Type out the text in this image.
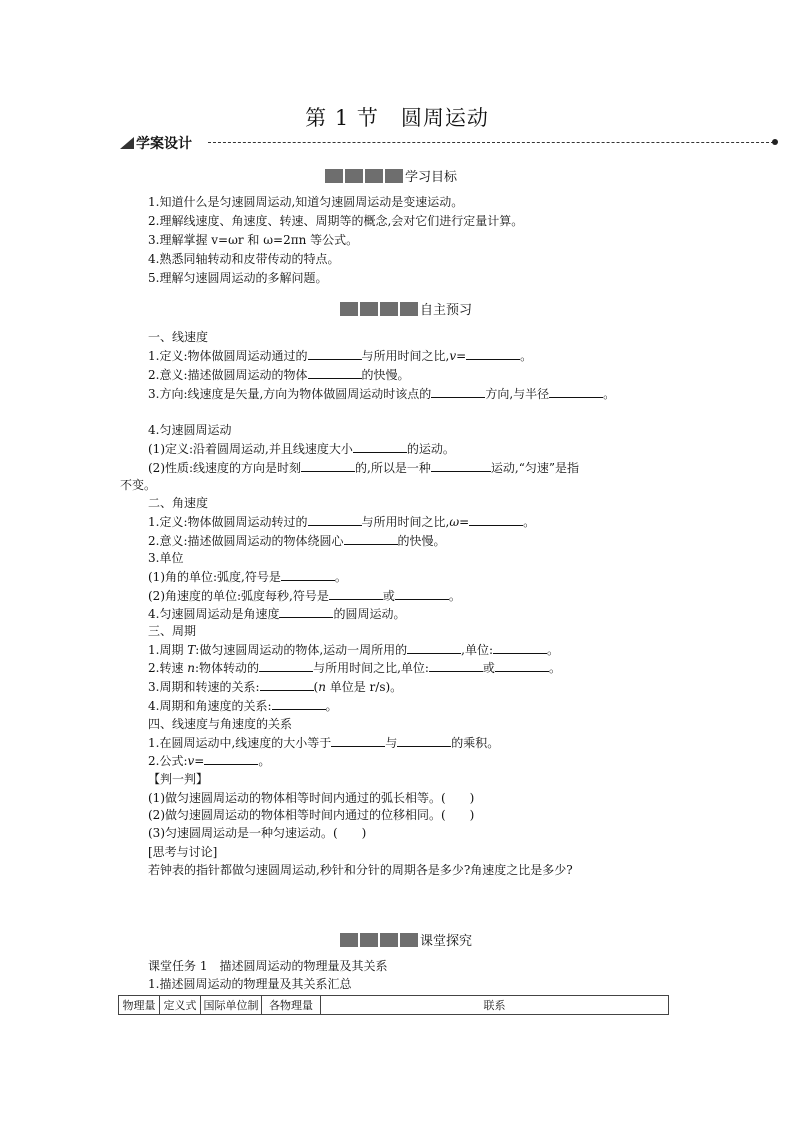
第 1 节　圆周运动
学案设计
学习目标
1.知道什么是匀速圆周运动,知道匀速圆周运动是变速运动。
2.理解线速度、角速度、转速、周期等的概念,会对它们进行定量计算。
3.理解掌握 v=ωr 和 ω=2πn 等公式。
4.熟悉同轴转动和皮带传动的特点。
5.理解匀速圆周运动的多解问题。
自主预习
一、线速度
1.定义:物体做圆周运动通过的	与所用时间之比,v=	。
2.意义:描述做圆周运动的物体	的快慢。
3.方向:线速度是矢量,方向为物体做圆周运动时该点的	方向,与半径	。
4.匀速圆周运动
(1)定义:沿着圆周运动,并且线速度大小	的运动。
(2)性质:线速度的方向是时刻	的,所以是一种	运动,“匀速”是指
不变。
二、角速度
1.定义:物体做圆周运动转过的	与所用时间之比,ω=	。
2.意义:描述做圆周运动的物体绕圆心	的快慢。
3.单位
(1)角的单位:弧度,符号是	。
(2)角速度的单位:弧度每秒,符号是	或	。
4.匀速圆周运动是角速度	的圆周运动。
三、周期
1.周期 T:做匀速圆周运动的物体,运动一周所用的	,单位:	。
2.转速 n:物体转动的	与所用时间之比,单位:	或	。
3.周期和转速的关系:	(n 单位是 r/s)。
4.周期和角速度的关系:	。
四、线速度与角速度的关系
1.在圆周运动中,线速度的大小等于	与	的乘积。
2.公式:v=	。
【判一判】
(1)做匀速圆周运动的物体相等时间内通过的弧长相等。(　　)
(2)做匀速圆周运动的物体相等时间内通过的位移相同。(　　)
(3)匀速圆周运动是一种匀速运动。(　　)
[思考与讨论]
若钟表的指针都做匀速圆周运动,秒针和分针的周期各是多少?角速度之比是多少?
课堂探究
课堂任务 1　描述圆周运动的物理量及其关系
1.描述圆周运动的物理量及其关系汇总
物理量	定义式	国际单位制	各物理量	联系
